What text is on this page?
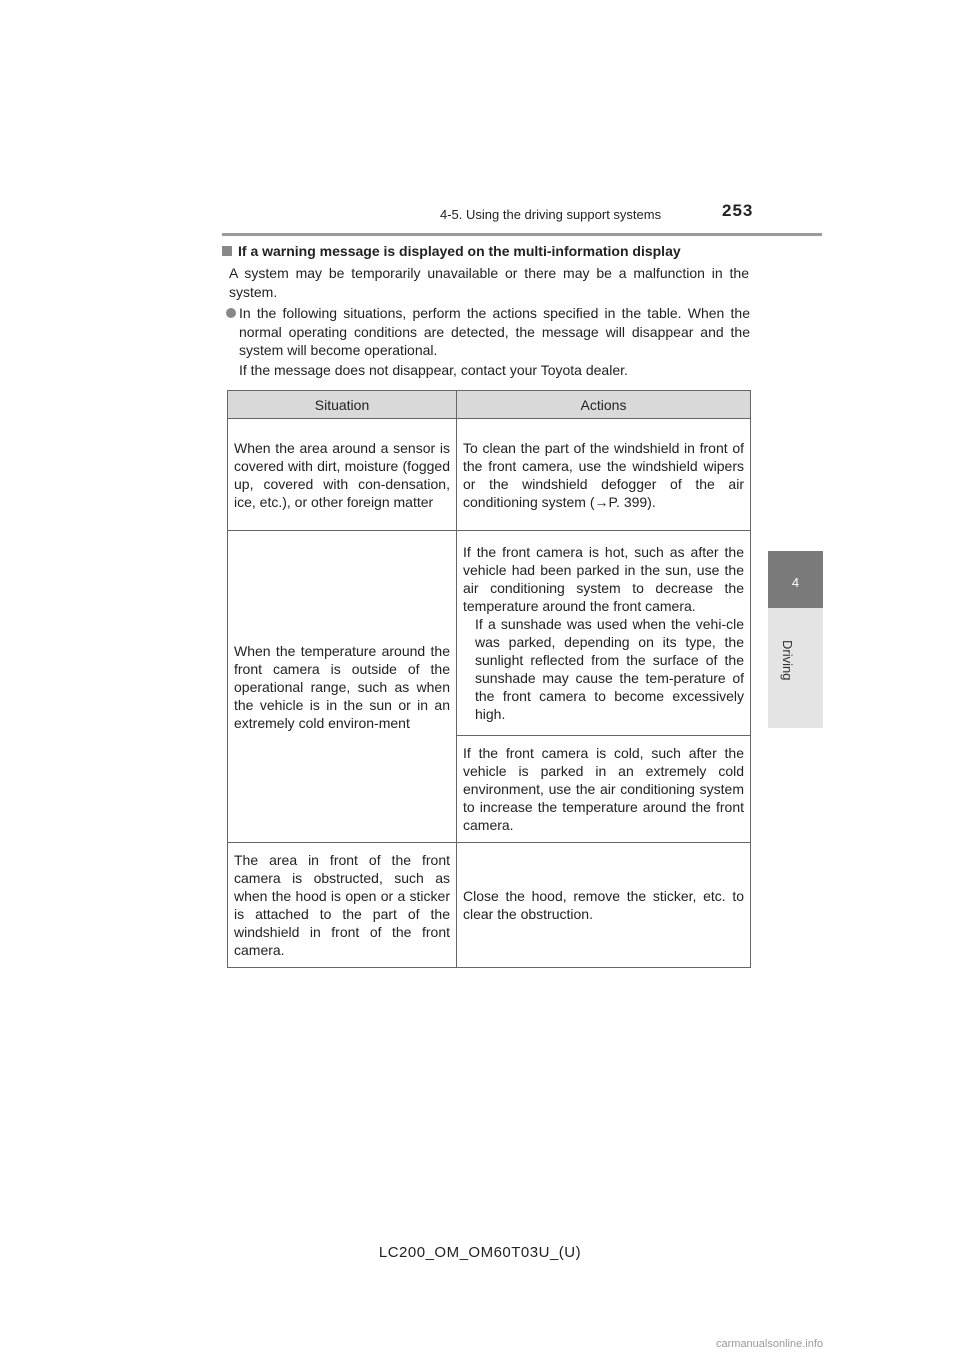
4-5. Using the driving support systems	253
4
Driving
If a warning message is displayed on the multi-information display
A system may be temporarily unavailable or there may be a malfunction in the system.
In the following situations, perform the actions specified in the table. When the normal operating conditions are detected, the message will disappear and the system will become operational.
If the message does not disappear, contact your Toyota dealer.
Situation	Actions
When the area around a sensor is covered with dirt, moisture (fogged up, covered with con-densation, ice, etc.), or other foreign matter	To clean the part of the windshield in front of the front camera, use the windshield wipers or the windshield defogger of the air conditioning system (→P. 399).
When the temperature around the front camera is outside of the operational range, such as when the vehicle is in the sun or in an extremely cold environ-ment	If the front camera is hot, such as after the vehicle had been parked in the sun, use the air conditioning system to decrease the temperature around the front camera.
If a sunshade was used when the vehi-cle was parked, depending on its type, the sunlight reflected from the surface of the sunshade may cause the tem-perature of the front camera to become excessively high.

	If the front camera is cold, such after the vehicle is parked in an extremely cold environment, use the air conditioning system to increase the temperature around the front camera.
The area in front of the front camera is obstructed, such as when the hood is open or a sticker is attached to the part of the windshield in front of the front camera.	Close the hood, remove the sticker, etc. to clear the obstruction.
LC200_OM_OM60T03U_(U)
carmanualsonline.info
